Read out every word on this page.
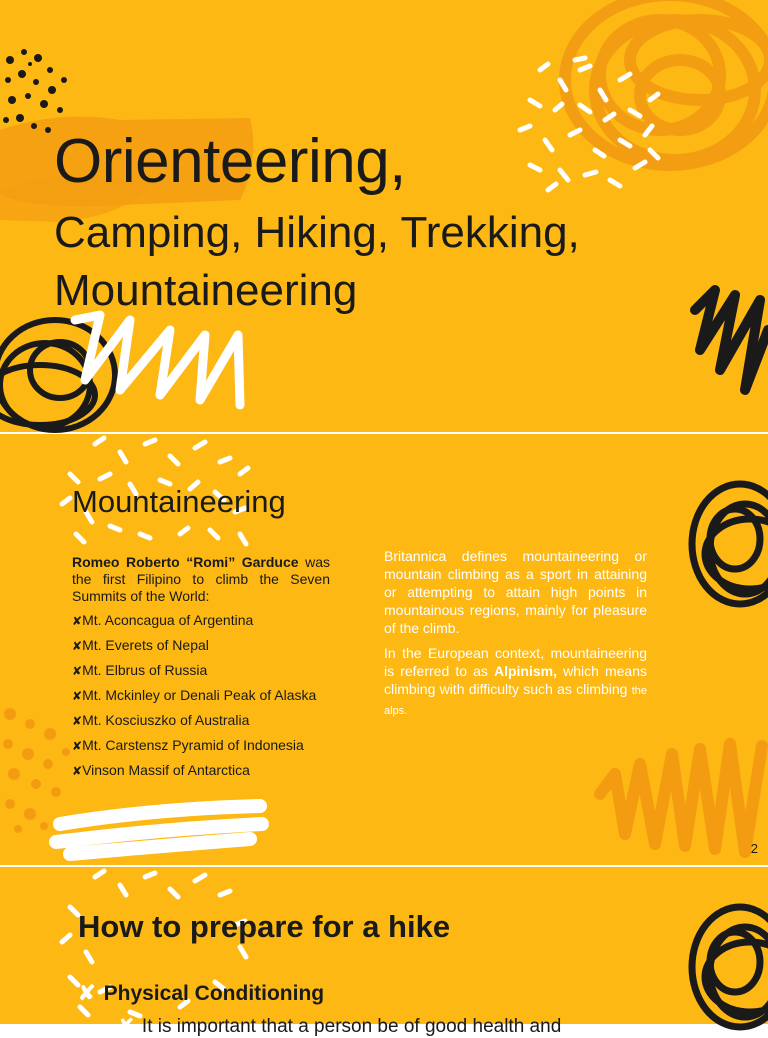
Orienteering,
Camping, Hiking, Trekking,
Mountaineering
Mountaineering

Romeo Roberto “Romi” Garduce was the first Filipino to climb the Seven Summits of the World:

✘Mt. Aconcagua of Argentina
✘Mt. Everets of Nepal
✘Mt. Elbrus of Russia
✘Mt. Mckinley or Denali Peak of Alaska
✘Mt. Kosciuszko of Australia
✘Mt. Carstensz Pyramid of Indonesia
✘Vinson Massif of Antarctica

Britannica defines mountaineering or mountain climbing as a sport in attaining or attempting to attain high points in mountainous regions, mainly for pleasure of the climb.

In the European context, mountaineering is referred to as Alpinism, which means climbing with difficulty such as climbing the alps.

2
How to prepare for a hike
✘ Physical Conditioning
✘ It is important that a person be of good health and
